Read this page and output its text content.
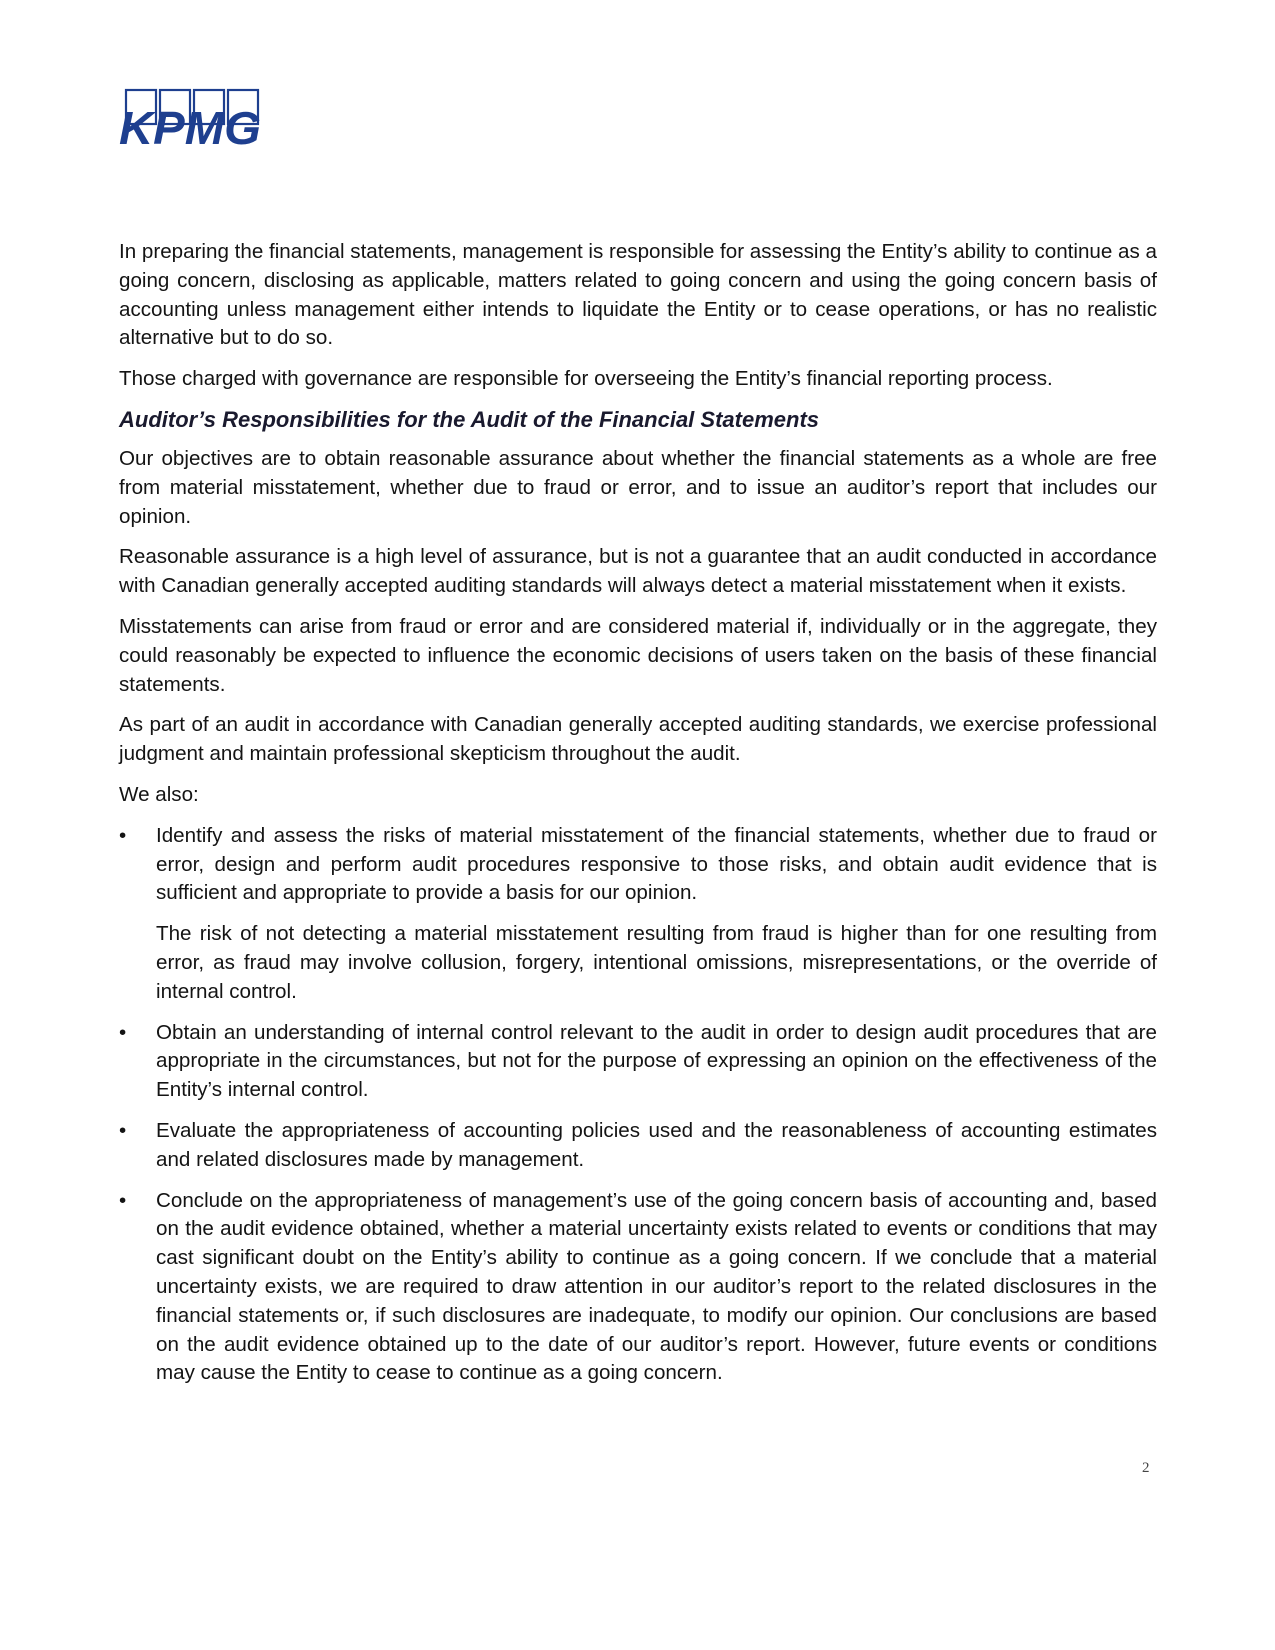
KPMG

In preparing the financial statements, management is responsible for assessing the Entity’s ability to continue as a going concern, disclosing as applicable, matters related to going concern and using the going concern basis of accounting unless management either intends to liquidate the Entity or to cease operations, or has no realistic alternative but to do so.

Those charged with governance are responsible for overseeing the Entity’s financial reporting process.

Auditor’s Responsibilities for the Audit of the Financial Statements

Our objectives are to obtain reasonable assurance about whether the financial statements as a whole are free from material misstatement, whether due to fraud or error, and to issue an auditor’s report that includes our opinion.

Reasonable assurance is a high level of assurance, but is not a guarantee that an audit conducted in accordance with Canadian generally accepted auditing standards will always detect a material misstatement when it exists.

Misstatements can arise from fraud or error and are considered material if, individually or in the aggregate, they could reasonably be expected to influence the economic decisions of users taken on the basis of these financial statements.

As part of an audit in accordance with Canadian generally accepted auditing standards, we exercise professional judgment and maintain professional skepticism throughout the audit.

We also:

• Identify and assess the risks of material misstatement of the financial statements, whether due to fraud or error, design and perform audit procedures responsive to those risks, and obtain audit evidence that is sufficient and appropriate to provide a basis for our opinion.

The risk of not detecting a material misstatement resulting from fraud is higher than for one resulting from error, as fraud may involve collusion, forgery, intentional omissions, misrepresentations, or the override of internal control.

• Obtain an understanding of internal control relevant to the audit in order to design audit procedures that are appropriate in the circumstances, but not for the purpose of expressing an opinion on the effectiveness of the Entity’s internal control.

• Evaluate the appropriateness of accounting policies used and the reasonableness of accounting estimates and related disclosures made by management.

• Conclude on the appropriateness of management’s use of the going concern basis of accounting and, based on the audit evidence obtained, whether a material uncertainty exists related to events or conditions that may cast significant doubt on the Entity’s ability to continue as a going concern. If we conclude that a material uncertainty exists, we are required to draw attention in our auditor’s report to the related disclosures in the financial statements or, if such disclosures are inadequate, to modify our opinion. Our conclusions are based on the audit evidence obtained up to the date of our auditor’s report. However, future events or conditions may cause the Entity to cease to continue as a going concern.

2
